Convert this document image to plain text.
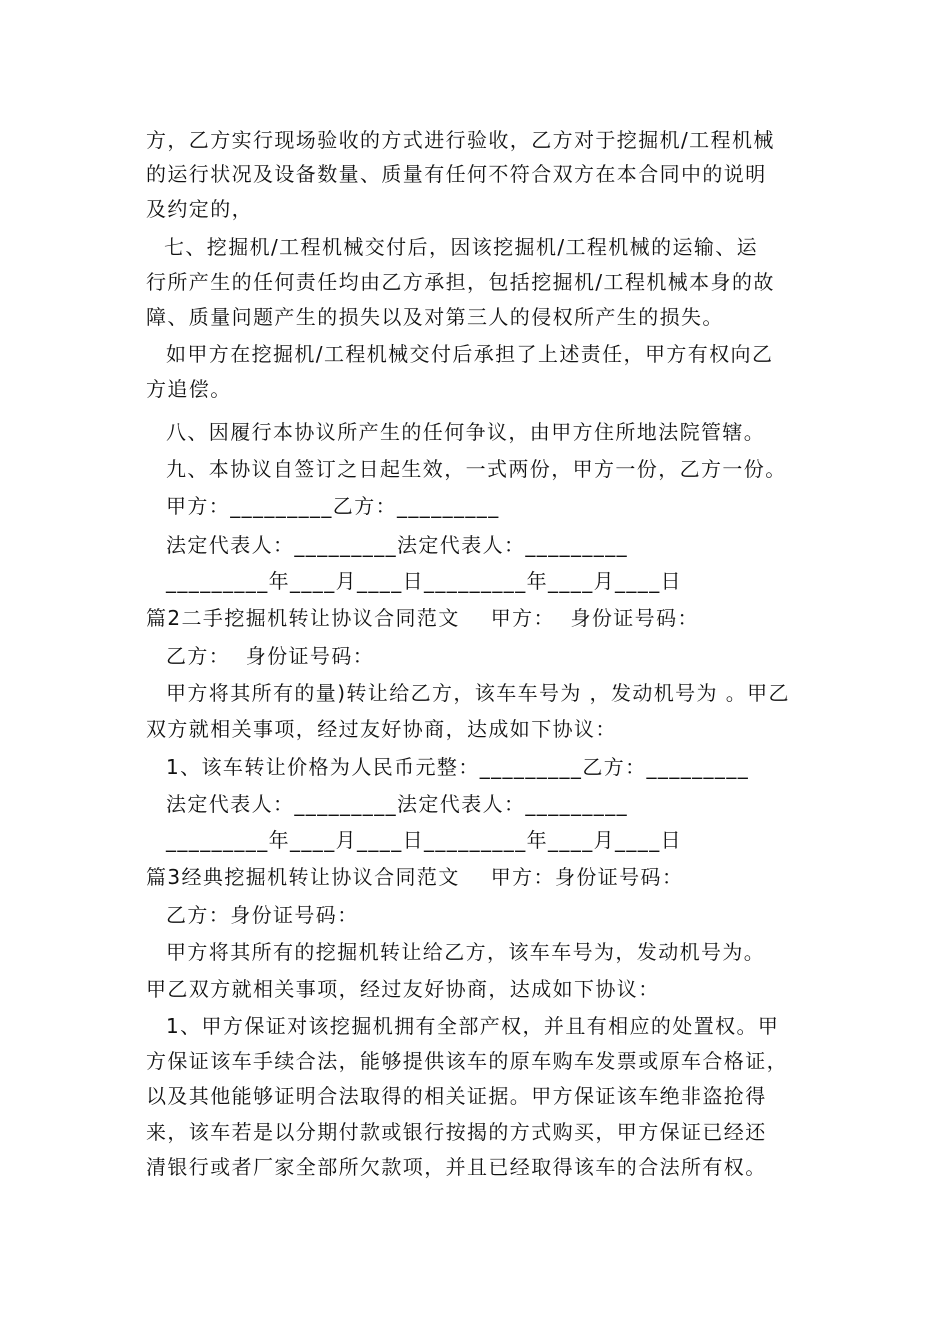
方，乙方实行现场验收的方式进行验收，乙方对于挖掘机/工程机械
的运行状况及设备数量、质量有任何不符合双方在本合同中的说明
及约定的，
七、挖掘机/工程机械交付后，因该挖掘机/工程机械的运输、运
行所产生的任何责任均由乙方承担，包括挖掘机/工程机械本身的故
障、质量问题产生的损失以及对第三人的侵权所产生的损失。
如甲方在挖掘机/工程机械交付后承担了上述责任，甲方有权向乙
方追偿。
八、因履行本协议所产生的任何争议，由甲方住所地法院管辖。
九、本协议自签订之日起生效，一式两份，甲方一份，乙方一份。
甲方：_________乙方：_________
法定代表人：_________法定代表人：_________
_________年____月____日_________年____月____日
篇2二手挖掘机转让协议合同范文    甲方：  身份证号码：
乙方：  身份证号码：
甲方将其所有的量)转让给乙方，该车车号为 ，发动机号为 。甲乙
双方就相关事项，经过友好协商，达成如下协议：
1、该车转让价格为人民币元整：_________乙方：_________
法定代表人：_________法定代表人：_________
_________年____月____日_________年____月____日
篇3经典挖掘机转让协议合同范文    甲方：身份证号码：
乙方：身份证号码：
甲方将其所有的挖掘机转让给乙方，该车车号为，发动机号为。
甲乙双方就相关事项，经过友好协商，达成如下协议：
1、甲方保证对该挖掘机拥有全部产权，并且有相应的处置权。甲
方保证该车手续合法，能够提供该车的原车购车发票或原车合格证，
以及其他能够证明合法取得的相关证据。甲方保证该车绝非盗抢得
来，该车若是以分期付款或银行按揭的方式购买，甲方保证已经还
清银行或者厂家全部所欠款项，并且已经取得该车的合法所有权。
